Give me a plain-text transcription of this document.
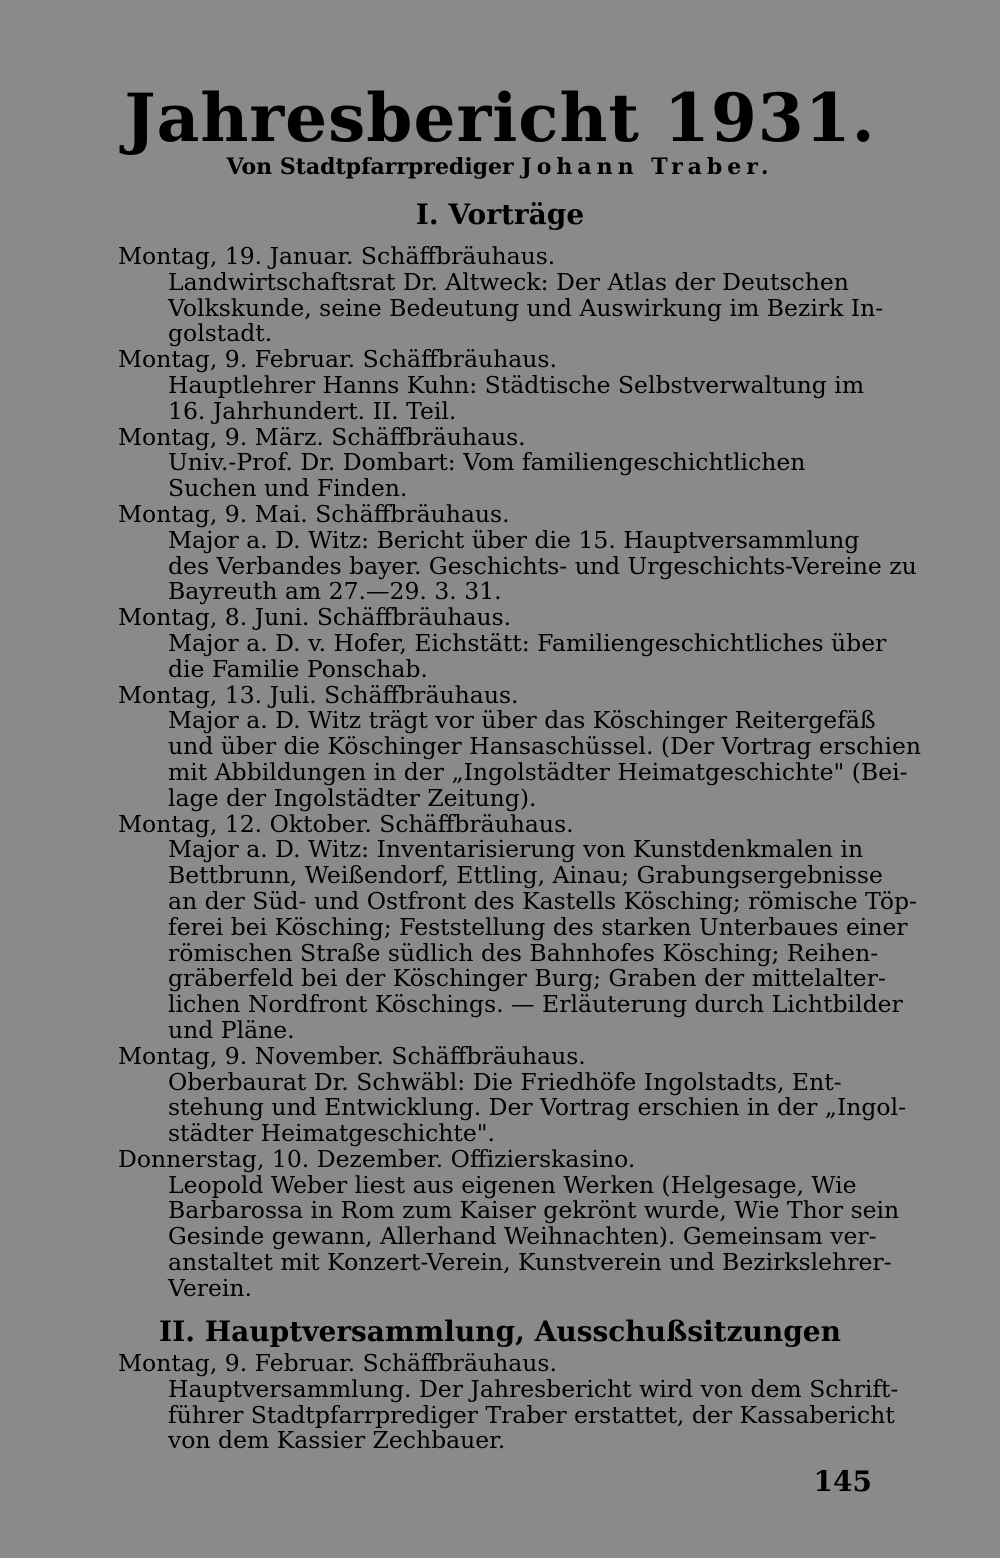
Jahresbericht 1931.
Von Stadtpfarrprediger Johann Traber.
I. Vorträge
Montag, 19. Januar. Schäffbräuhaus.
Landwirtschaftsrat Dr. Altweck: Der Atlas der Deutschen
Volkskunde, seine Bedeutung und Auswirkung im Bezirk In-
golstadt.
Montag, 9. Februar. Schäffbräuhaus.
Hauptlehrer Hanns Kuhn: Städtische Selbstverwaltung im
16. Jahrhundert. II. Teil.
Montag, 9. März. Schäffbräuhaus.
Univ.-Prof. Dr. Dombart: Vom familiengeschichtlichen
Suchen und Finden.
Montag, 9. Mai. Schäffbräuhaus.
Major a. D. Witz: Bericht über die 15. Hauptversammlung
des Verbandes bayer. Geschichts- und Urgeschichts-Vereine zu
Bayreuth am 27.—29. 3. 31.
Montag, 8. Juni. Schäffbräuhaus.
Major a. D. v. Hofer, Eichstätt: Familiengeschichtliches über
die Familie Ponschab.
Montag, 13. Juli. Schäffbräuhaus.
Major a. D. Witz trägt vor über das Köschinger Reitergefäß
und über die Köschinger Hansaschüssel. (Der Vortrag erschien
mit Abbildungen in der „Ingolstädter Heimatgeschichte" (Bei-
lage der Ingolstädter Zeitung).
Montag, 12. Oktober. Schäffbräuhaus.
Major a. D. Witz: Inventarisierung von Kunstdenkmalen in
Bettbrunn, Weißendorf, Ettling, Ainau; Grabungsergebnisse
an der Süd- und Ostfront des Kastells Kösching; römische Töp-
ferei bei Kösching; Feststellung des starken Unterbaues einer
römischen Straße südlich des Bahnhofes Kösching; Reihen-
gräberfeld bei der Köschinger Burg; Graben der mittelalter-
lichen Nordfront Köschings. — Erläuterung durch Lichtbilder
und Pläne.
Montag, 9. November. Schäffbräuhaus.
Oberbaurat Dr. Schwäbl: Die Friedhöfe Ingolstadts, Ent-
stehung und Entwicklung. Der Vortrag erschien in der „Ingol-
städter Heimatgeschichte".
Donnerstag, 10. Dezember. Offizierskasino.
Leopold Weber liest aus eigenen Werken (Helgesage, Wie
Barbarossa in Rom zum Kaiser gekrönt wurde, Wie Thor sein
Gesinde gewann, Allerhand Weihnachten). Gemeinsam ver-
anstaltet mit Konzert-Verein, Kunstverein und Bezirkslehrer-
Verein.
II. Hauptversammlung, Ausschußsitzungen
Montag, 9. Februar. Schäffbräuhaus.
Hauptversammlung. Der Jahresbericht wird von dem Schrift-
führer Stadtpfarrprediger Traber erstattet, der Kassabericht
von dem Kassier Zechbauer.
145
